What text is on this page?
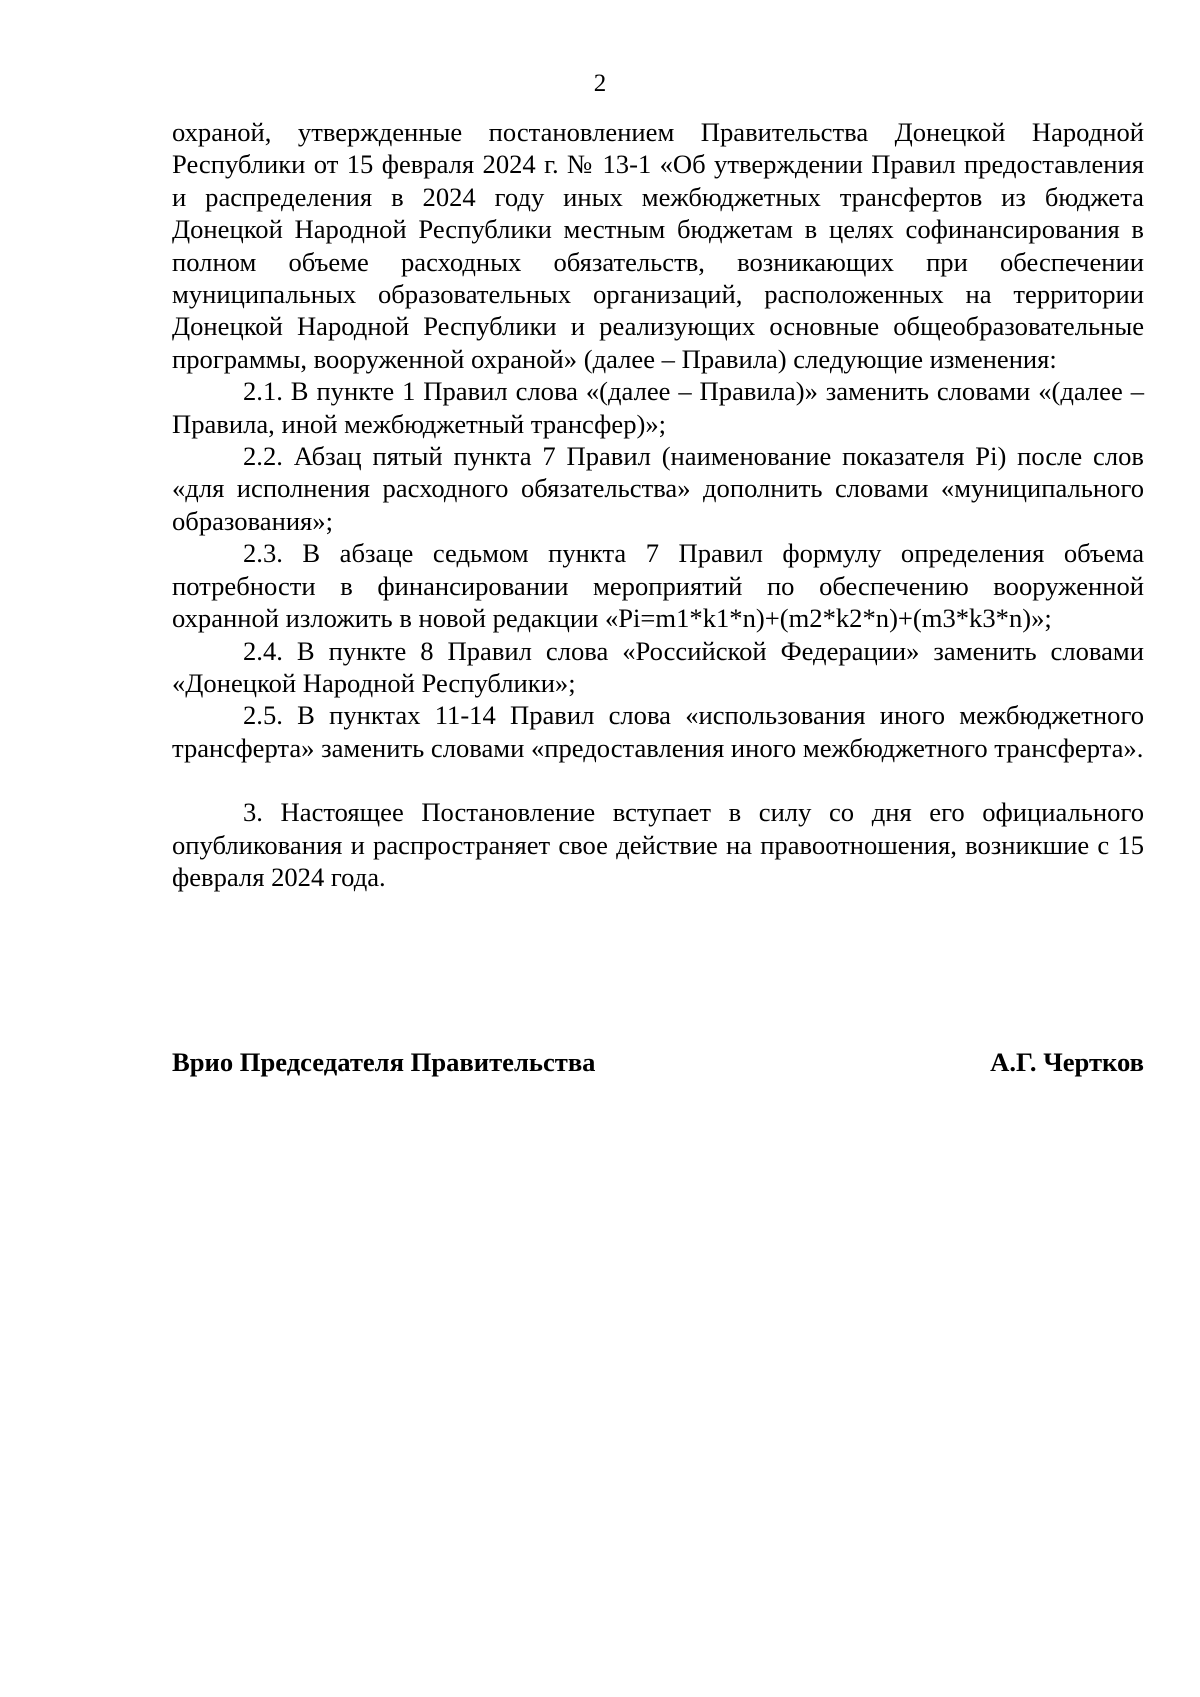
2

охраной, утвержденные постановлением Правительства Донецкой Народной Республики от 15 февраля 2024 г. № 13-1 «Об утверждении Правил предоставления и распределения в 2024 году иных межбюджетных трансфертов из бюджета Донецкой Народной Республики местным бюджетам в целях софинансирования в полном объеме расходных обязательств, возникающих при обеспечении муниципальных образовательных организаций, расположенных на территории Донецкой Народной Республики и реализующих основные общеобразовательные программы, вооруженной охраной» (далее – Правила) следующие изменения:

2.1. В пункте 1 Правил слова «(далее – Правила)» заменить словами «(далее – Правила, иной межбюджетный трансфер)»;

2.2. Абзац пятый пункта 7 Правил (наименование показателя Pi) после слов «для исполнения расходного обязательства» дополнить словами «муниципального образования»;

2.3. В абзаце седьмом пункта 7 Правил формулу определения объема потребности в финансировании мероприятий по обеспечению вооруженной охранной изложить в новой редакции «Pi=m1*k1*n)+(m2*k2*n)+(m3*k3*n)»;

2.4. В пункте 8 Правил слова «Российской Федерации» заменить словами «Донецкой Народной Республики»;

2.5. В пунктах 11-14 Правил слова «использования иного межбюджетного трансферта» заменить словами «предоставления иного межбюджетного трансферта».

3. Настоящее Постановление вступает в силу со дня его официального опубликования и распространяет свое действие на правоотношения, возникшие с 15 февраля 2024 года.

Врио Председателя Правительства	А.Г. Чертков
